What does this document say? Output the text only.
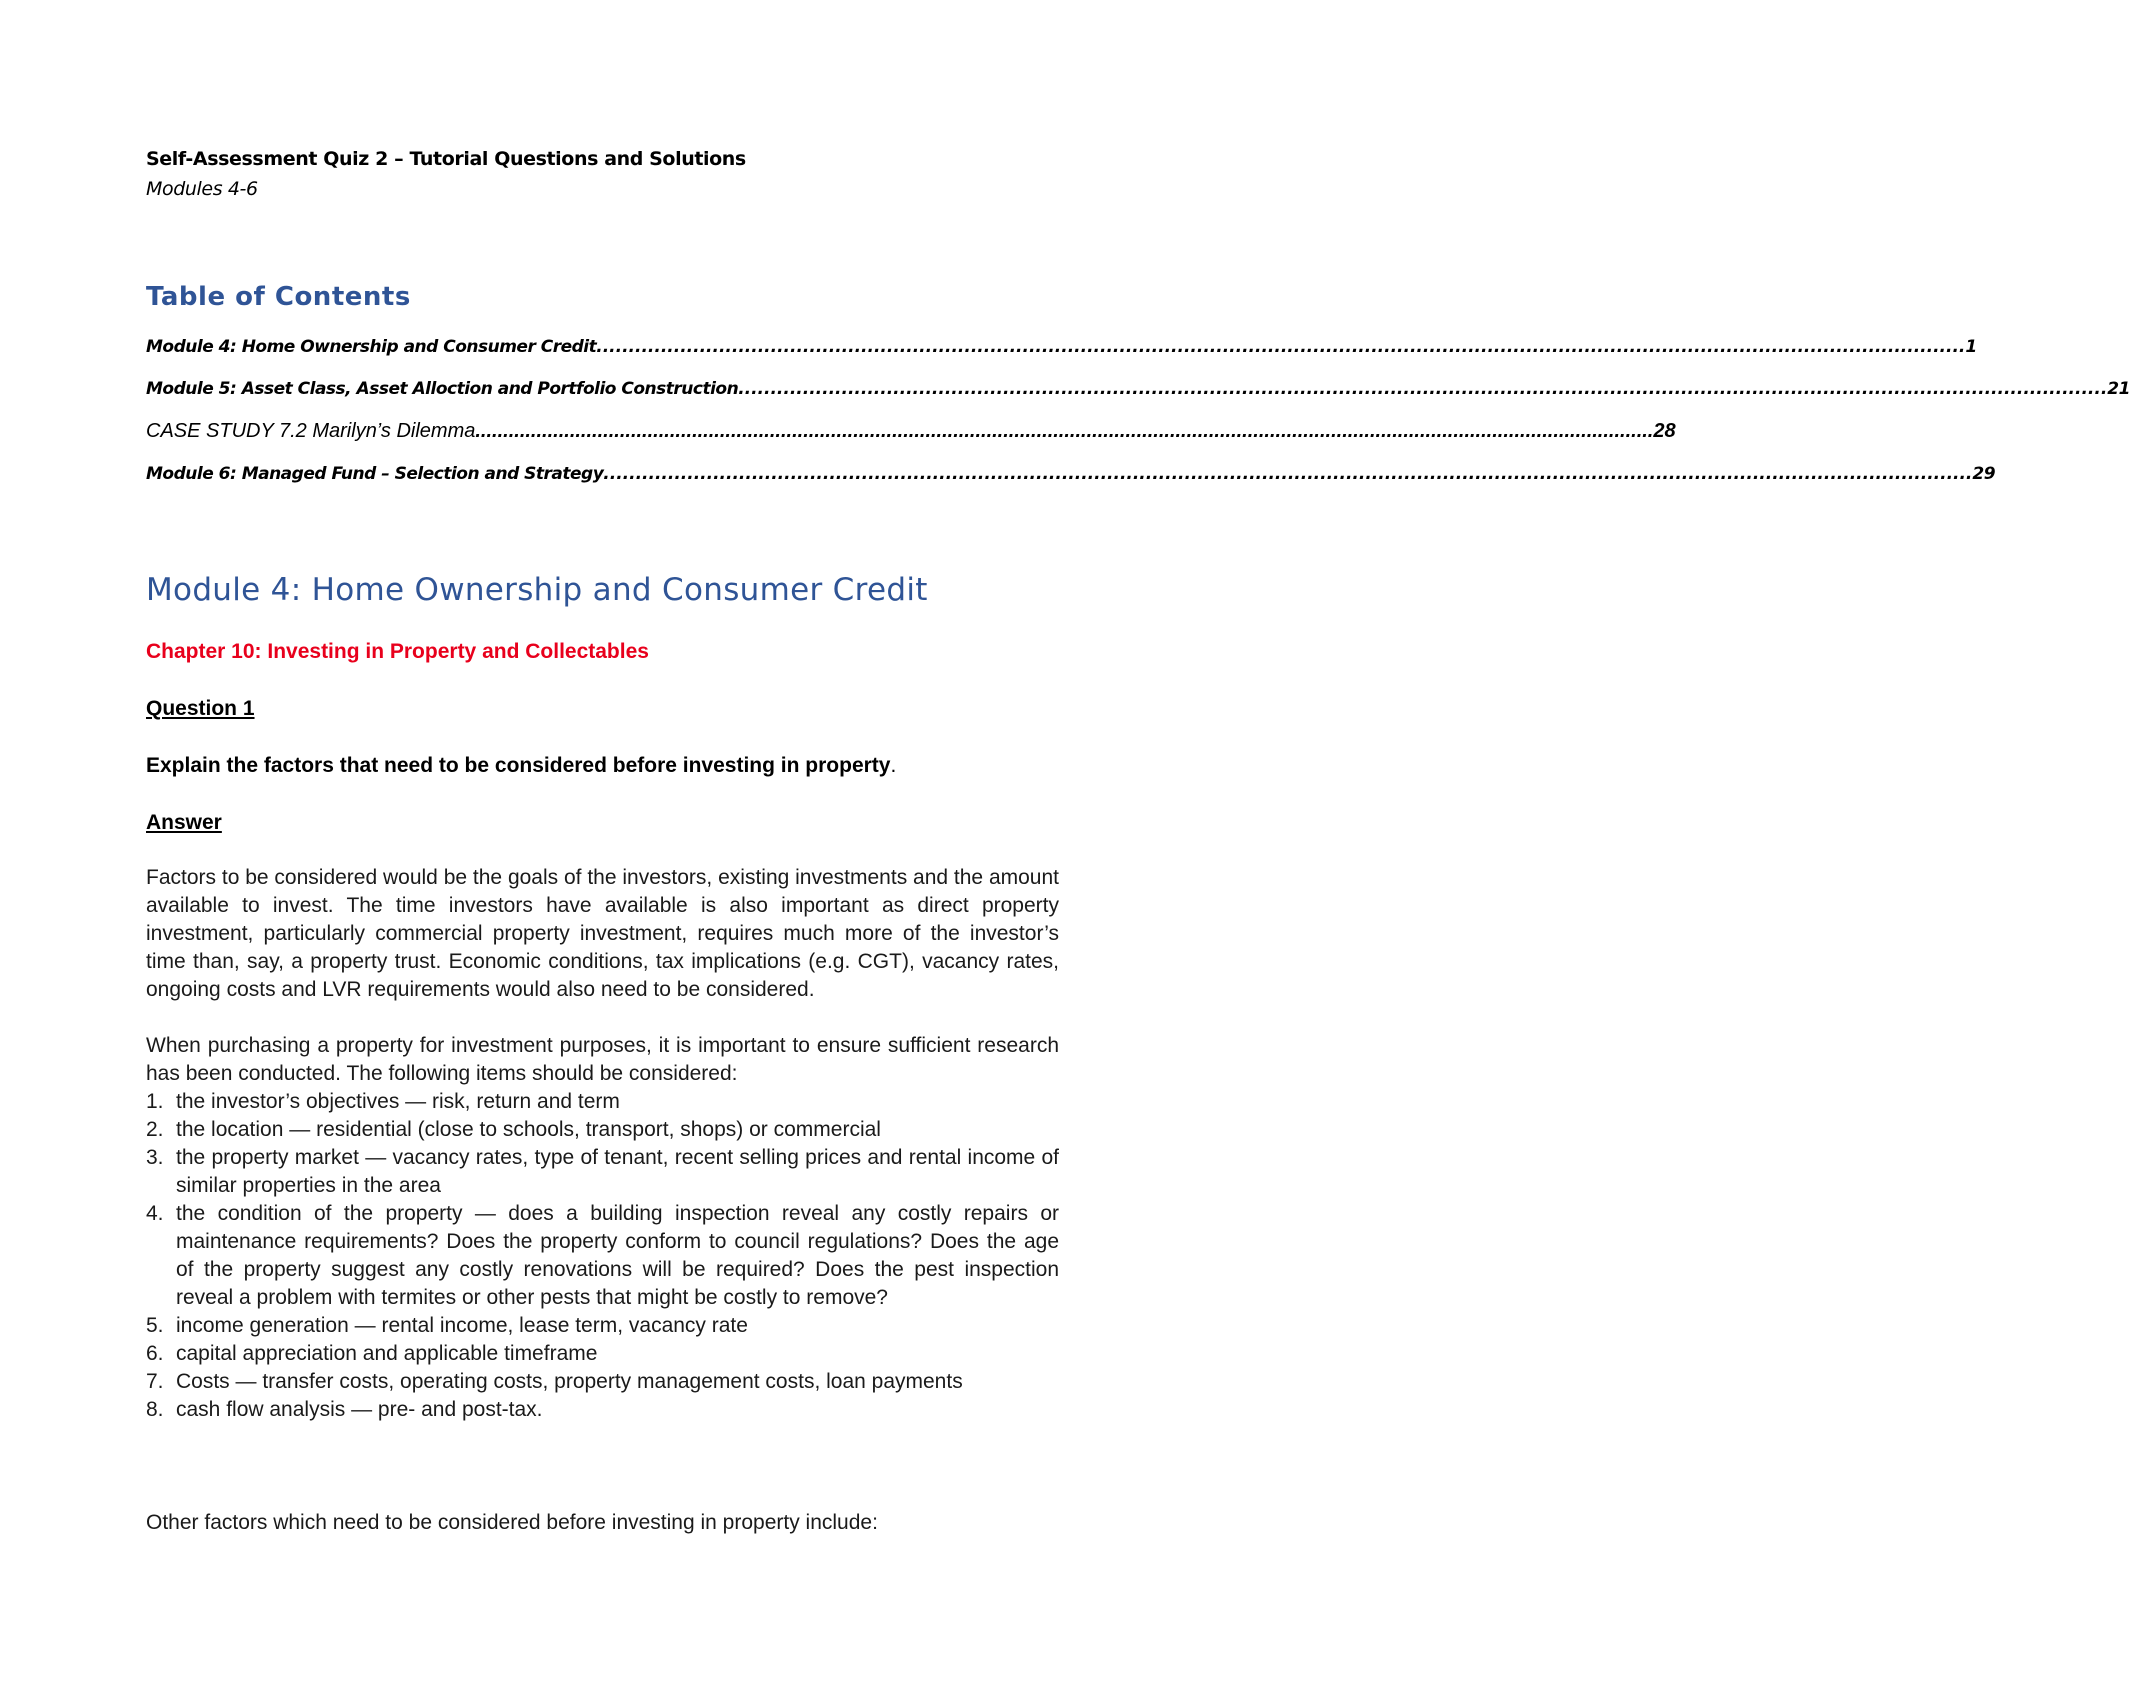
Self-Assessment Quiz 2 – Tutorial Questions and Solutions
Modules 4-6
Table of Contents
Module 4: Home Ownership and Consumer Credit .................................................................................................................................................................................................................... 1
Module 5: Asset Class, Asset Alloction and Portfolio Construction .................................................................................................................................................................................................................... 21
CASE STUDY 7.2 Marilyn’s Dilemma .................................................................................................................................................................................................................... 28
Module 6: Managed Fund – Selection and Strategy .................................................................................................................................................................................................................... 29
Module 4: Home Ownership and Consumer Credit
Chapter 10: Investing in Property and Collectables
Question 1
Explain the factors that need to be considered before investing in property.
Answer
Factors to be considered would be the goals of the investors, existing investments and the amount available to invest. The time investors have available is also important as direct property investment, particularly commercial property investment, requires much more of the investor’s time than, say, a property trust. Economic conditions, tax implications (e.g. CGT), vacancy rates, ongoing costs and LVR requirements would also need to be considered.
When purchasing a property for investment purposes, it is important to ensure sufficient research has been conducted. The following items should be considered:
1. the investor’s objectives — risk, return and term
2. the location — residential (close to schools, transport, shops) or commercial
3. the property market — vacancy rates, type of tenant, recent selling prices and rental income of similar properties in the area
4. the condition of the property — does a building inspection reveal any costly repairs or maintenance requirements? Does the property conform to council regulations? Does the age of the property suggest any costly renovations will be required? Does the pest inspection reveal a problem with termites or other pests that might be costly to remove?
5. income generation — rental income, lease term, vacancy rate
6. capital appreciation and applicable timeframe
7. Costs — transfer costs, operating costs, property management costs, loan payments
8. cash flow analysis — pre- and post-tax.
Other factors which need to be considered before investing in property include:
